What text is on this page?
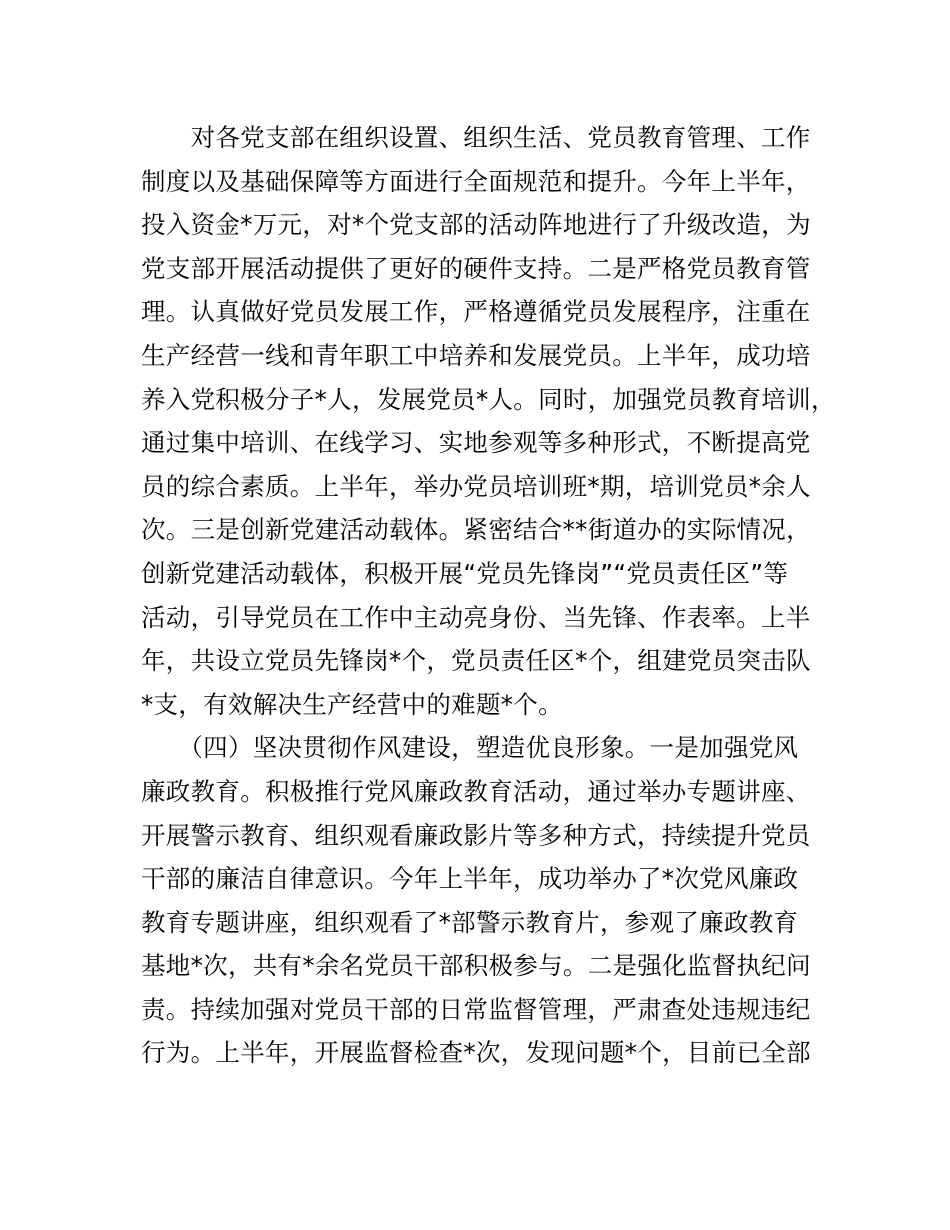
　　对各党支部在组织设置、组织生活、党员教育管理、工作
制度以及基础保障等方面进行全面规范和提升。今年上半年，
投入资金*万元，对*个党支部的活动阵地进行了升级改造，为
党支部开展活动提供了更好的硬件支持。二是严格党员教育管
理。认真做好党员发展工作，严格遵循党员发展程序，注重在
生产经营一线和青年职工中培养和发展党员。上半年，成功培
养入党积极分子*人，发展党员*人。同时，加强党员教育培训，
通过集中培训、在线学习、实地参观等多种形式，不断提高党
员的综合素质。上半年，举办党员培训班*期，培训党员*余人
次。三是创新党建活动载体。紧密结合**街道办的实际情况，
创新党建活动载体，积极开展“党员先锋岗”“党员责任区”等
活动，引导党员在工作中主动亮身份、当先锋、作表率。上半
年，共设立党员先锋岗*个，党员责任区*个，组建党员突击队
*支，有效解决生产经营中的难题*个。
　　（四）坚决贯彻作风建设，塑造优良形象。一是加强党风
廉政教育。积极推行党风廉政教育活动，通过举办专题讲座、
开展警示教育、组织观看廉政影片等多种方式，持续提升党员
干部的廉洁自律意识。今年上半年，成功举办了*次党风廉政
教育专题讲座，组织观看了*部警示教育片，参观了廉政教育
基地*次，共有*余名党员干部积极参与。二是强化监督执纪问
责。持续加强对党员干部的日常监督管理，严肃查处违规违纪
行为。上半年，开展监督检查*次，发现问题*个，目前已全部
